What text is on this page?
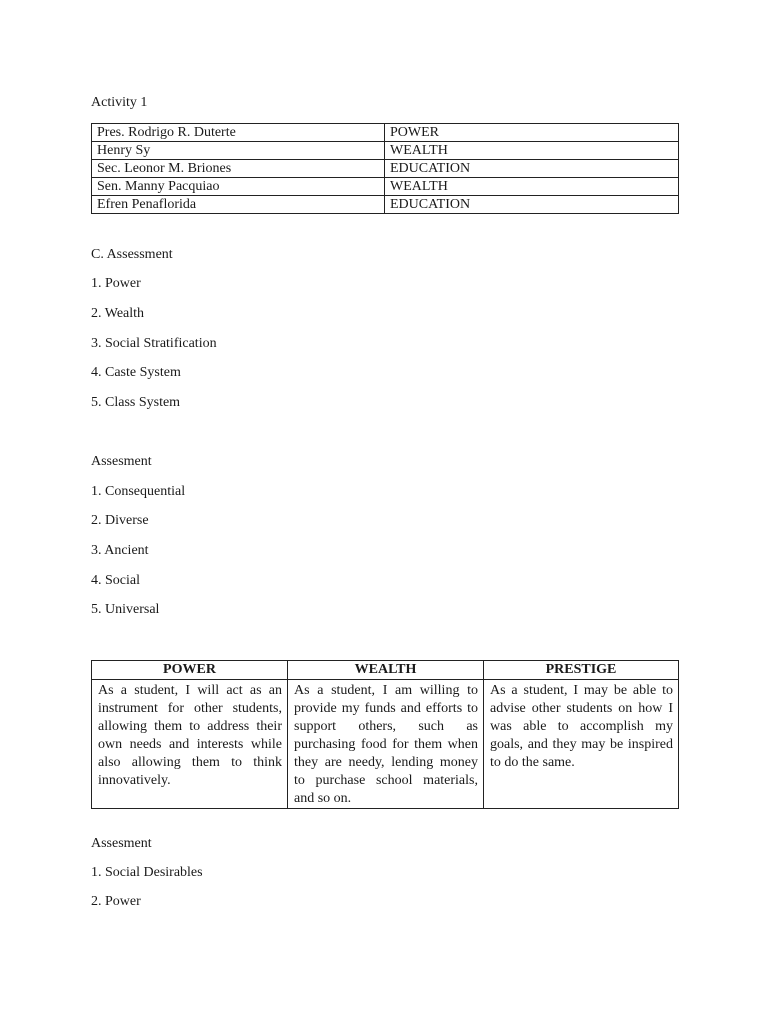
Activity 1
Pres. Rodrigo R. Duterte	POWER
Henry Sy	WEALTH
Sec. Leonor M. Briones	EDUCATION
Sen. Manny Pacquiao	WEALTH
Efren Penaflorida	EDUCATION
C. Assessment
1. Power
2. Wealth
3. Social Stratification
4. Caste System
5. Class System
Assesment
1. Consequential
2. Diverse
3. Ancient
4. Social
5. Universal
POWER	WEALTH	PRESTIGE
As a student, I will act as an instrument for other students, allowing them to address their own needs and interests while also allowing them to think innovatively.	As a student, I am willing to provide my funds and efforts to support others, such as purchasing food for them when they are needy, lending money to purchase school materials, and so on.	As a student, I may be able to advise other students on how I was able to accomplish my goals, and they may be inspired to do the same.
Assesment
1. Social Desirables
2. Power
